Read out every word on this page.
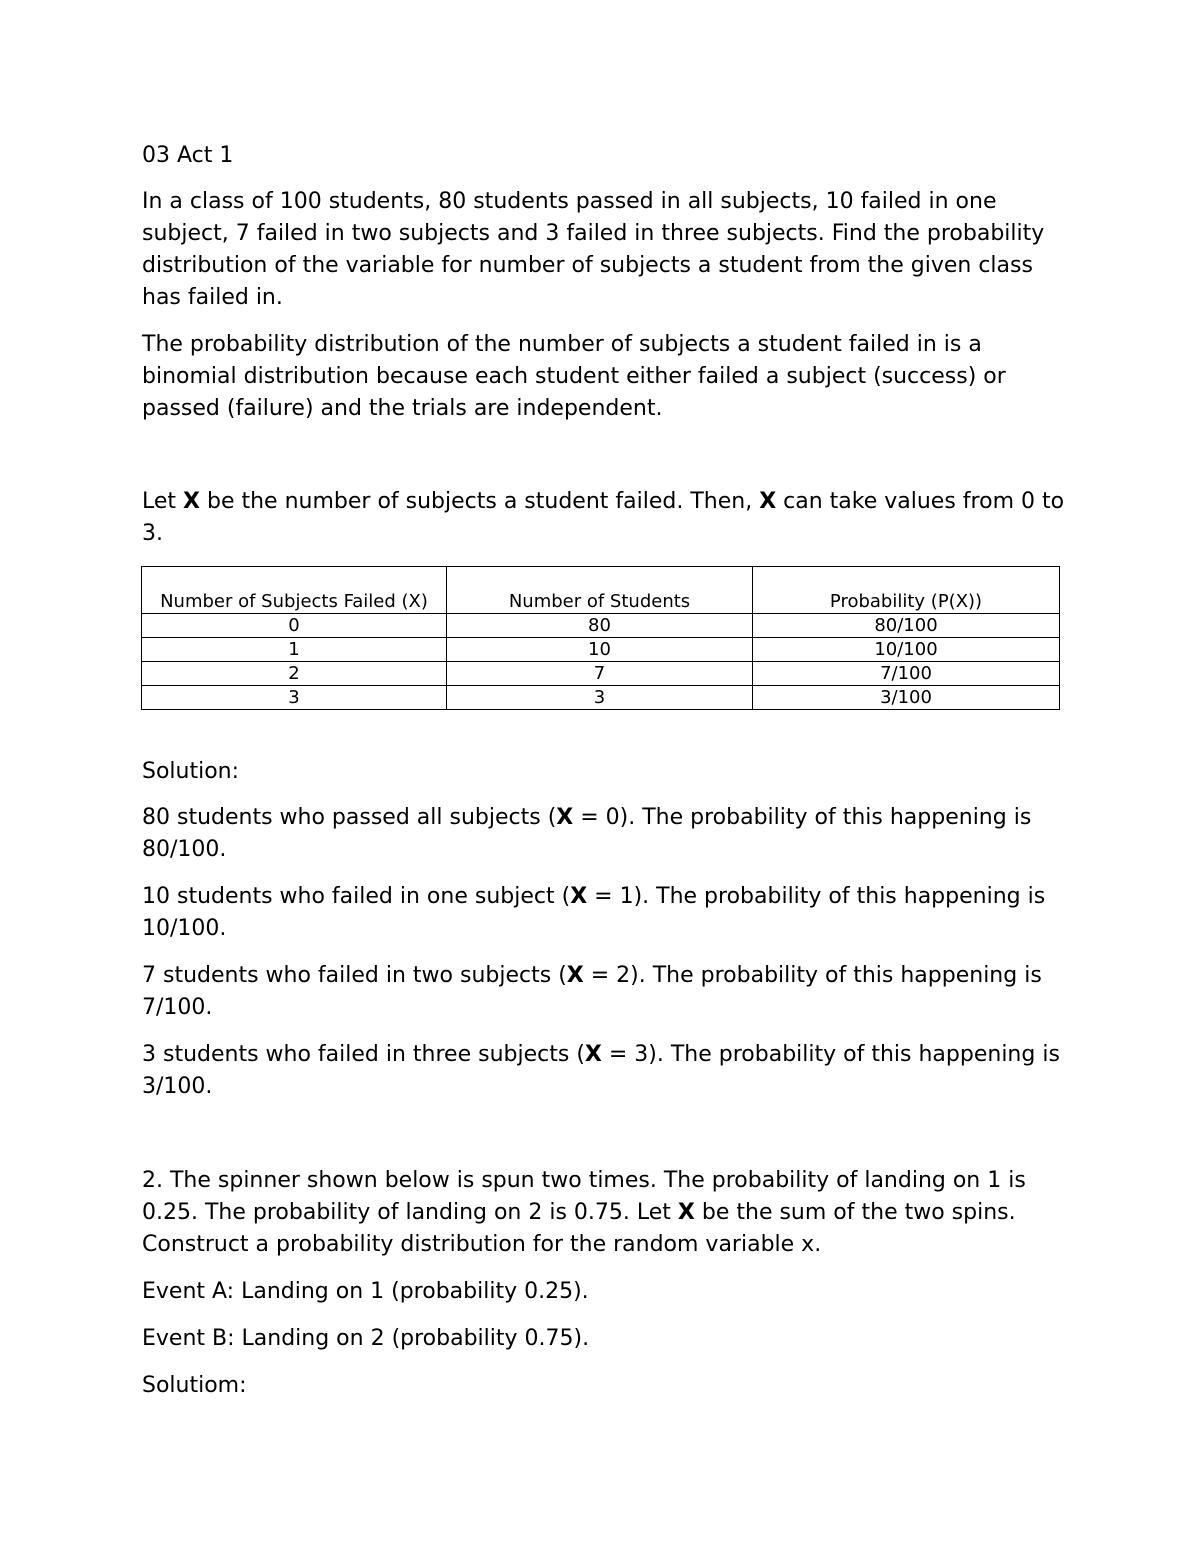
03 Act 1

In a class of 100 students, 80 students passed in all subjects, 10 failed in one subject, 7 failed in two subjects and 3 failed in three subjects. Find the probability distribution of the variable for number of subjects a student from the given class has failed in.

The probability distribution of the number of subjects a student failed in is a binomial distribution because each student either failed a subject (success) or passed (failure) and the trials are independent.

Let X be the number of subjects a student failed. Then, X can take values from 0 to 3.

Number of Subjects Failed (X)	Number of Students	Probability (P(X))
0	80	80/100
1	10	10/100
2	7	7/100
3	3	3/100

Solution:

80 students who passed all subjects (X = 0). The probability of this happening is 80/100.

10 students who failed in one subject (X = 1). The probability of this happening is 10/100.

7 students who failed in two subjects (X = 2). The probability of this happening is 7/100.

3 students who failed in three subjects (X = 3). The probability of this happening is 3/100.

2. The spinner shown below is spun two times. The probability of landing on 1 is 0.25. The probability of landing on 2 is 0.75. Let X be the sum of the two spins. Construct a probability distribution for the random variable x.

Event A: Landing on 1 (probability 0.25).

Event B: Landing on 2 (probability 0.75).

Solutiom:
